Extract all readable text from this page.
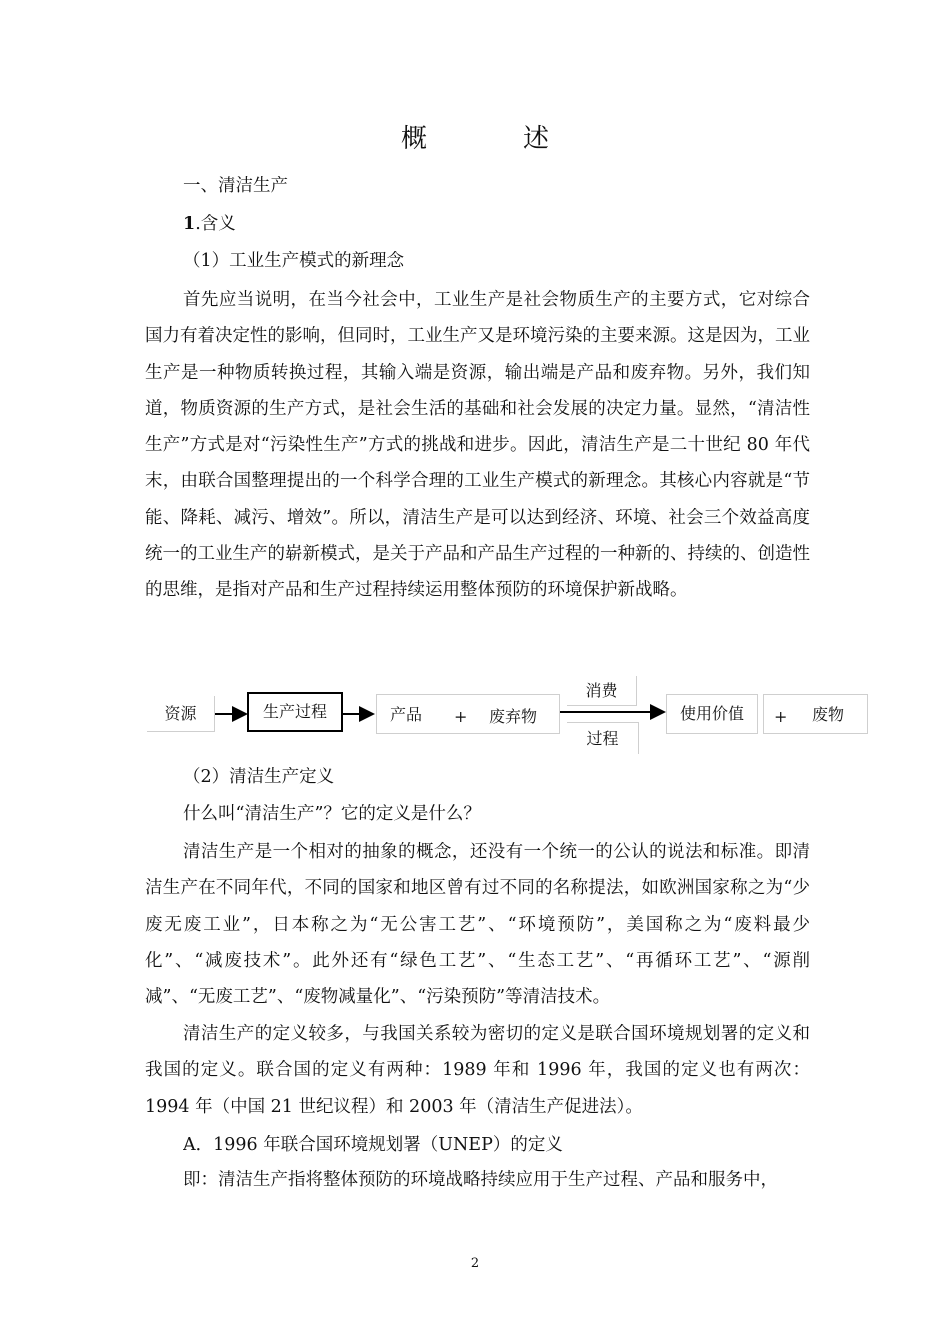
概	述
一、清洁生产
1.含义
（1）工业生产模式的新理念

首先应当说明，在当今社会中，工业生产是社会物质生产的主要方式，它对综合国力有着决定性的影响，但同时，工业生产又是环境污染的主要来源。这是因为，工业生产是一种物质转换过程，其输入端是资源，输出端是产品和废弃物。另外，我们知道，物质资源的生产方式，是社会生活的基础和社会发展的决定力量。显然，“清洁性生产”方式是对“污染性生产”方式的挑战和进步。因此，清洁生产是二十世纪 80 年代末，由联合国整理提出的一个科学合理的工业生产模式的新理念。其核心内容就是“节能、降耗、减污、增效”。所以，清洁生产是可以达到经济、环境、社会三个效益高度统一的工业生产的崭新模式，是关于产品和产品生产过程的一种新的、持续的、创造性的思维，是指对产品和生产过程持续运用整体预防的环境保护新战略。

资源	生产过程	产品 + 废弃物
消费
过程
使用价值 + 废物
（2）清洁生产定义
什么叫“清洁生产”？它的定义是什么？

清洁生产是一个相对的抽象的概念，还没有一个统一的公认的说法和标准。即清洁生产在不同年代，不同的国家和地区曾有过不同的名称提法，如欧洲国家称之为“少废无废工业”，日本称之为“无公害工艺”、“环境预防”，美国称之为“废料最少化”、“减废技术”。此外还有“绿色工艺”、“生态工艺”、“再循环工艺”、“源削减”、“无废工艺”、“废物减量化”、“污染预防”等清洁技术。

清洁生产的定义较多，与我国关系较为密切的定义是联合国环境规划署的定义和我国的定义。联合国的定义有两种：1989 年和 1996 年，我国的定义也有两次：1994 年（中国 21 世纪议程）和 2003 年（清洁生产促进法）。

A．1996 年联合国环境规划署（UNEP）的定义

即：清洁生产指将整体预防的环境战略持续应用于生产过程、产品和服务中，

2
